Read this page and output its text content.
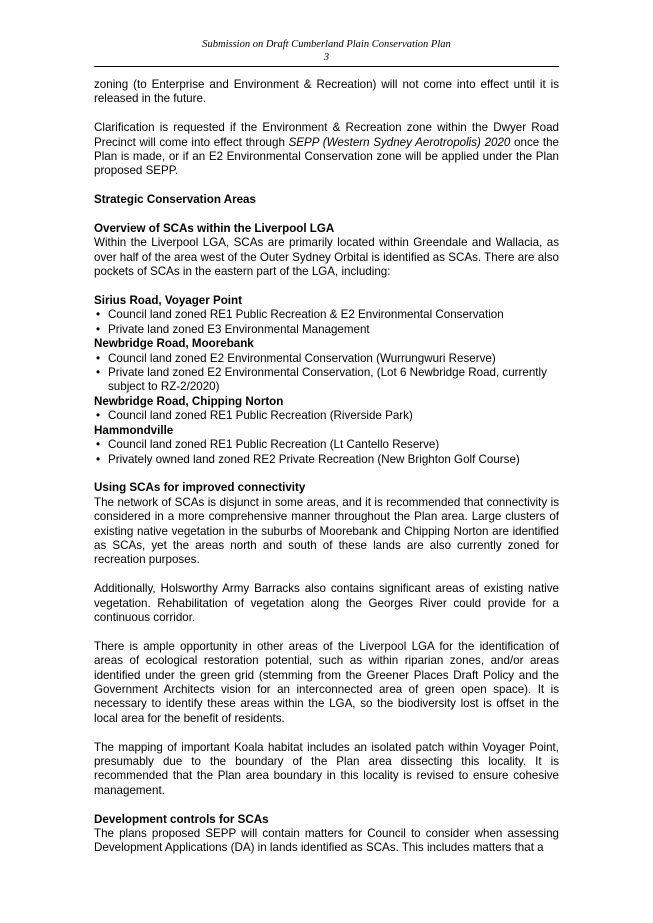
Submission on Draft Cumberland Plain Conservation Plan
3

zoning (to Enterprise and Environment & Recreation) will not come into effect until it is released in the future.

Clarification is requested if the Environment & Recreation zone within the Dwyer Road Precinct will come into effect through SEPP (Western Sydney Aerotropolis) 2020 once the Plan is made, or if an E2 Environmental Conservation zone will be applied under the Plan proposed SEPP.

Strategic Conservation Areas

Overview of SCAs within the Liverpool LGA

Within the Liverpool LGA, SCAs are primarily located within Greendale and Wallacia, as over half of the area west of the Outer Sydney Orbital is identified as SCAs. There are also pockets of SCAs in the eastern part of the LGA, including:

Sirius Road, Voyager Point

• Council land zoned RE1 Public Recreation & E2 Environmental Conservation
• Private land zoned E3 Environmental Management

Newbridge Road, Moorebank

• Council land zoned E2 Environmental Conservation (Wurrungwuri Reserve)
• Private land zoned E2 Environmental Conservation, (Lot 6 Newbridge Road, currently subject to RZ-2/2020)

Newbridge Road, Chipping Norton

• Council land zoned RE1 Public Recreation (Riverside Park)

Hammondville

• Council land zoned RE1 Public Recreation (Lt Cantello Reserve)
• Privately owned land zoned RE2 Private Recreation (New Brighton Golf Course)

Using SCAs for improved connectivity

The network of SCAs is disjunct in some areas, and it is recommended that connectivity is considered in a more comprehensive manner throughout the Plan area. Large clusters of existing native vegetation in the suburbs of Moorebank and Chipping Norton are identified as SCAs, yet the areas north and south of these lands are also currently zoned for recreation purposes.

Additionally, Holsworthy Army Barracks also contains significant areas of existing native vegetation. Rehabilitation of vegetation along the Georges River could provide for a continuous corridor.

There is ample opportunity in other areas of the Liverpool LGA for the identification of areas of ecological restoration potential, such as within riparian zones, and/or areas identified under the green grid (stemming from the Greener Places Draft Policy and the Government Architects vision for an interconnected area of green open space). It is necessary to identify these areas within the LGA, so the biodiversity lost is offset in the local area for the benefit of residents.

The mapping of important Koala habitat includes an isolated patch within Voyager Point, presumably due to the boundary of the Plan area dissecting this locality. It is recommended that the Plan area boundary in this locality is revised to ensure cohesive management.

Development controls for SCAs

The plans proposed SEPP will contain matters for Council to consider when assessing Development Applications (DA) in lands identified as SCAs. This includes matters that a
